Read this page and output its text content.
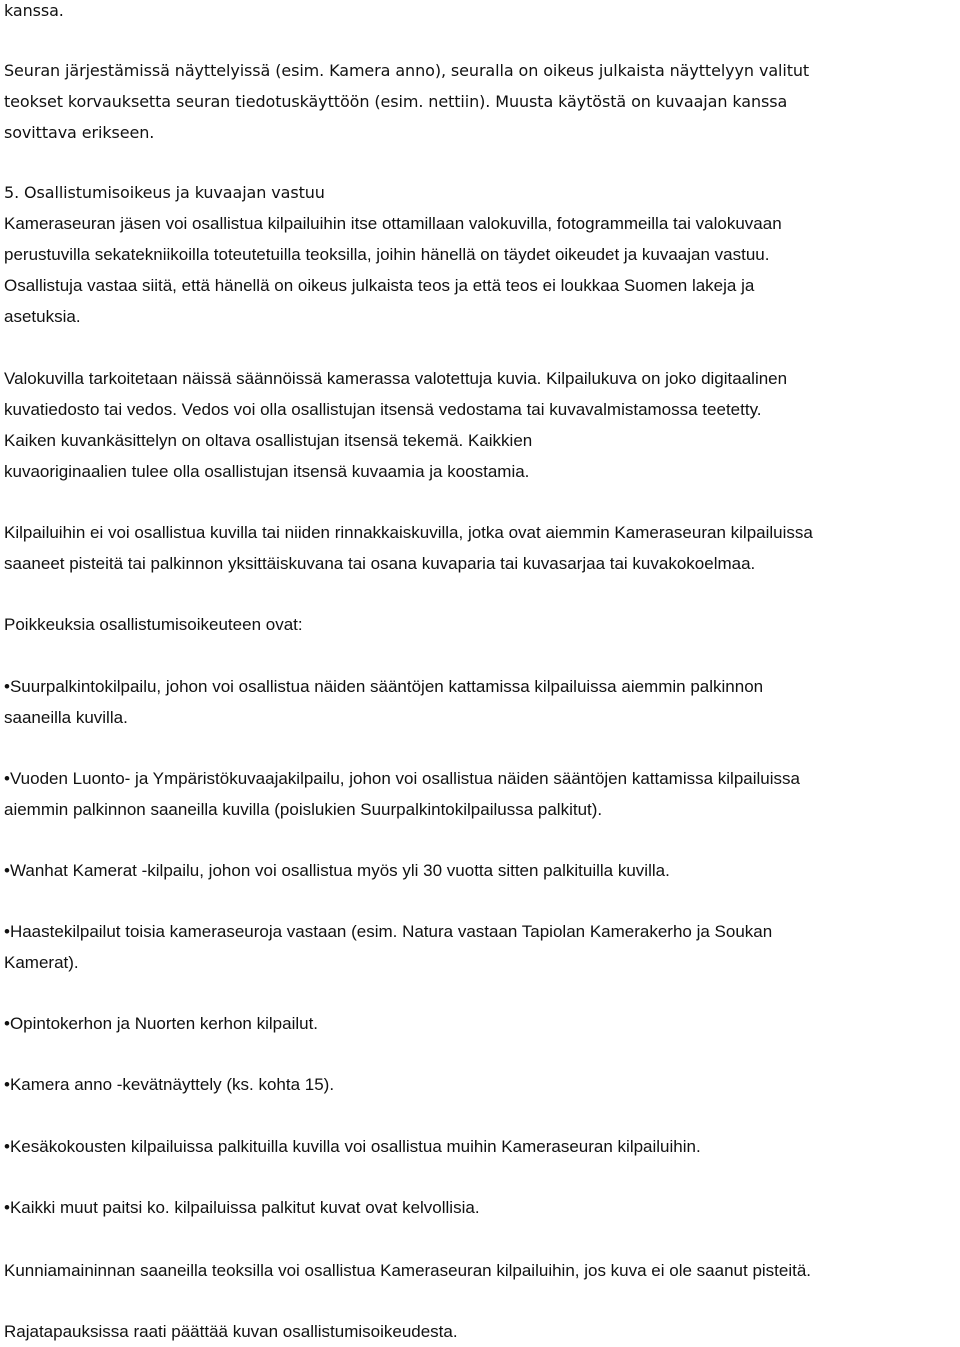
kanssa.

Seuran järjestämissä näyttelyissä (esim. Kamera anno), seuralla on oikeus julkaista näyttelyyn valitut
teokset korvauksetta seuran tiedotuskäyttöön (esim. nettiin). Muusta käytöstä on kuvaajan kanssa
sovittava erikseen.

5. Osallistumisoikeus ja kuvaajan vastuu
Kameraseuran jäsen voi osallistua kilpailuihin itse ottamillaan valokuvilla, fotogrammeilla tai valokuvaan
perustuvilla sekatekniikoilla toteutetuilla teoksilla, joihin hänellä on täydet oikeudet ja kuvaajan vastuu.
Osallistuja vastaa siitä, että hänellä on oikeus julkaista teos ja että teos ei loukkaa Suomen lakeja ja
asetuksia.

Valokuvilla tarkoitetaan näissä säännöissä kamerassa valotettuja kuvia. Kilpailukuva on joko digitaalinen
kuvatiedosto tai vedos. Vedos voi olla osallistujan itsensä vedostama tai kuvavalmistamossa teetetty.
Kaiken kuvankäsittelyn on oltava osallistujan itsensä tekemä. Kaikkien
kuvaoriginaalien tulee olla osallistujan itsensä kuvaamia ja koostamia.

Kilpailuihin ei voi osallistua kuvilla tai niiden rinnakkaiskuvilla, jotka ovat aiemmin Kameraseuran kilpailuissa
saaneet pisteitä tai palkinnon yksittäiskuvana tai osana kuvaparia tai kuvasarjaa tai kuvakokoelmaa.

Poikkeuksia osallistumisoikeuteen ovat:

•Suurpalkintokilpailu, johon voi osallistua näiden sääntöjen kattamissa kilpailuissa aiemmin palkinnon
saaneilla kuvilla.

•Vuoden Luonto- ja Ympäristökuvaajakilpailu, johon voi osallistua näiden sääntöjen kattamissa kilpailuissa
aiemmin palkinnon saaneilla kuvilla (poislukien Suurpalkintokilpailussa palkitut).

•Wanhat Kamerat -kilpailu, johon voi osallistua myös yli 30 vuotta sitten palkituilla kuvilla.

•Haastekilpailut toisia kameraseuroja vastaan (esim. Natura vastaan Tapiolan Kamerakerho ja Soukan
Kamerat).

•Opintokerhon ja Nuorten kerhon kilpailut.

•Kamera anno -kevätnäyttely (ks. kohta 15).

•Kesäkokousten kilpailuissa palkituilla kuvilla voi osallistua muihin Kameraseuran kilpailuihin.

•Kaikki muut paitsi ko. kilpailuissa palkitut kuvat ovat kelvollisia.

Kunniamaininnan saaneilla teoksilla voi osallistua Kameraseuran kilpailuihin, jos kuva ei ole saanut pisteitä.

Rajatapauksissa raati päättää kuvan osallistumisoikeudesta.
